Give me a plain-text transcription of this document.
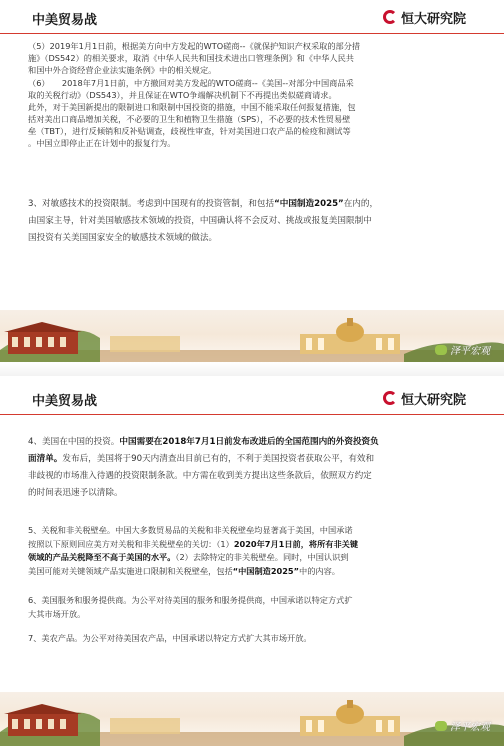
中美贸易战	恒大研究院
（5）2019年1月1日前，根据美方向中方发起的WTO磋商--《就保护知识产权采取的部分措
施》（DS542）的相关要求，取消《中华人民共和国技术进出口管理条例》和《中华人民共
和国中外合资经营企业法实施条例》中的相关规定。
（6）　　2018年7月1日前，中方撤回对美方发起的WTO磋商--《美国--对部分中国商品采
取的关税行动》（DS543），并且保证在WTO争端解决机制下不再提出类似磋商请求。
此外，对于美国新提出的限制进口和限制中国投资的措施，中国不能采取任何报复措施，包
括对美出口商品增加关税，不必要的卫生和植物卫生措施（SPS），不必要的技术性贸易壁
垒（TBT），进行反倾销和反补贴调查，歧视性审查，针对美国进口农产品的检疫和测试等
。中国立即停止正在计划中的报复行为。
3、对敏感技术的投资限制。考虑到中国现有的投资管制，和包括“中国制造2025”在内的，
由国家主导，针对美国敏感技术领域的投资，中国确认将不会反对、挑战或报复美国限制中
国投资有关美国国家安全的敏感技术领域的做法。
泽平宏观
中美贸易战	恒大研究院
4、美国在中国的投资。中国需要在2018年7月1日前发布改进后的全国范围内的外资投资负
面清单。发布后，美国将于90天内清查出目前已有的，不利于美国投资者获取公平，有效和
非歧视的市场准入待遇的投资限制条款。中方需在收到美方提出这些条款后，依照双方约定
的时间表迅速予以清除。
5、关税和非关税壁垒。中国大多数贸易品的关税和非关税壁垒均显著高于美国，中国承诺
按照以下原则回应美方对关税和非关税壁垒的关切：（1）2020年7月1日前，将所有非关键
领域的产品关税降至不高于美国的水平。（2）去除特定的非关税壁垒。同时，中国认识到
美国可能对关键领域产品实施进口限制和关税壁垒，包括“中国制造2025”中的内容。
6、美国服务和服务提供商。为公平对待美国的服务和服务提供商，中国承诺以特定方式扩
大其市场开放。
7、美农产品。为公平对待美国农产品，中国承诺以特定方式扩大其市场开放。
泽平宏观
